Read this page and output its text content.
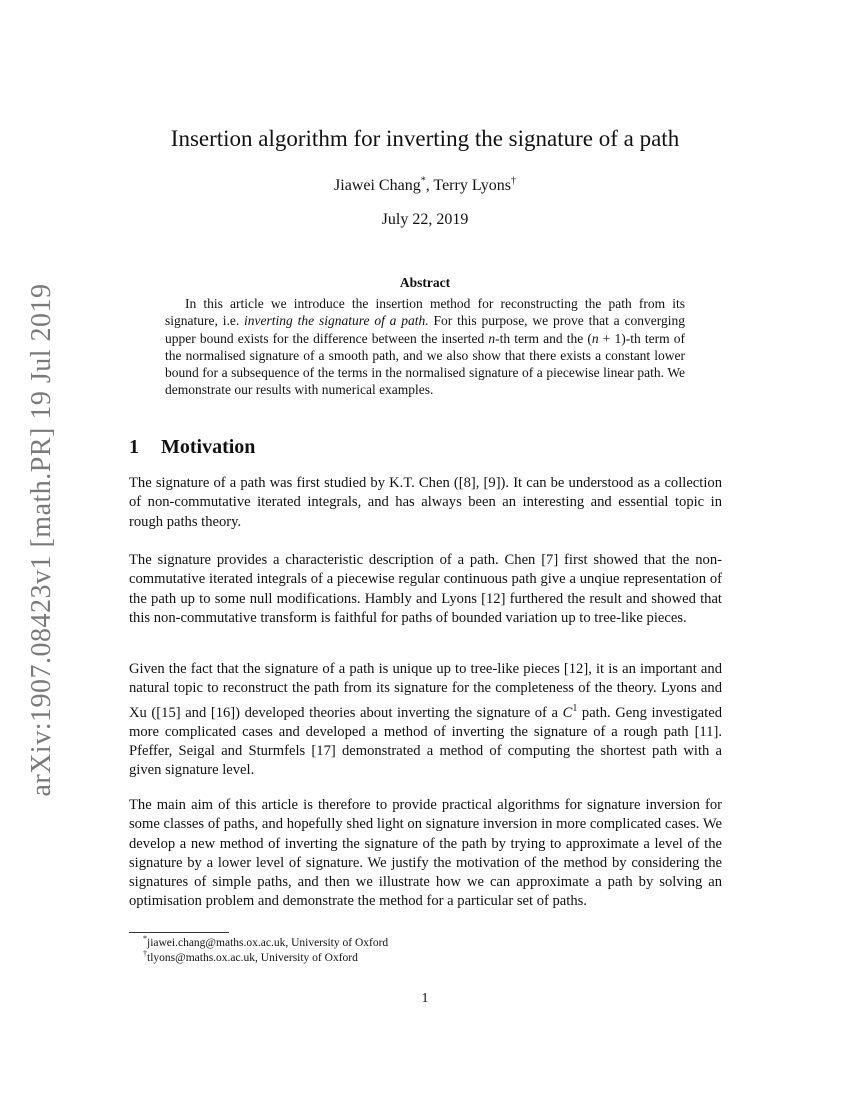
arXiv:1907.08423v1 [math.PR] 19 Jul 2019
Insertion algorithm for inverting the signature of a path
Jiawei Chang*, Terry Lyons†
July 22, 2019
Abstract

In this article we introduce the insertion method for reconstructing the path from its signature, i.e. inverting the signature of a path. For this purpose, we prove that a converging upper bound exists for the difference between the inserted n-th term and the (n + 1)-th term of the normalised signature of a smooth path, and we also show that there exists a constant lower bound for a subsequence of the terms in the normalised signature of a piecewise linear path. We demonstrate our results with numerical examples.

1 Motivation

The signature of a path was first studied by K.T. Chen ([8], [9]). It can be understood as a collection of non-commutative iterated integrals, and has always been an interesting and essential topic in rough paths theory.

The signature provides a characteristic description of a path. Chen [7] first showed that the non-commutative iterated integrals of a piecewise regular continuous path give a unqiue representation of the path up to some null modifications. Hambly and Lyons [12] furthered the result and showed that this non-commutative transform is faithful for paths of bounded variation up to tree-like pieces.

Given the fact that the signature of a path is unique up to tree-like pieces [12], it is an important and natural topic to reconstruct the path from its signature for the completeness of the theory. Lyons and Xu ([15] and [16]) developed theories about inverting the signature of a $C^1$ path. Geng investigated more complicated cases and developed a method of inverting the signature of a rough path [11]. Pfeffer, Seigal and Sturmfels [17] demonstrated a method of computing the shortest path with a given signature level.

The main aim of this article is therefore to provide practical algorithms for signature inversion for some classes of paths, and hopefully shed light on signature inversion in more complicated cases. We develop a new method of inverting the signature of the path by trying to approximate a level of the signature by a lower level of signature. We justify the motivation of the method by considering the signatures of simple paths, and then we illustrate how we can approximate a path by solving an optimisation problem and demonstrate the method for a particular set of paths.

*jiawei.chang@maths.ox.ac.uk, University of Oxford
†tlyons@maths.ox.ac.uk, University of Oxford
1
